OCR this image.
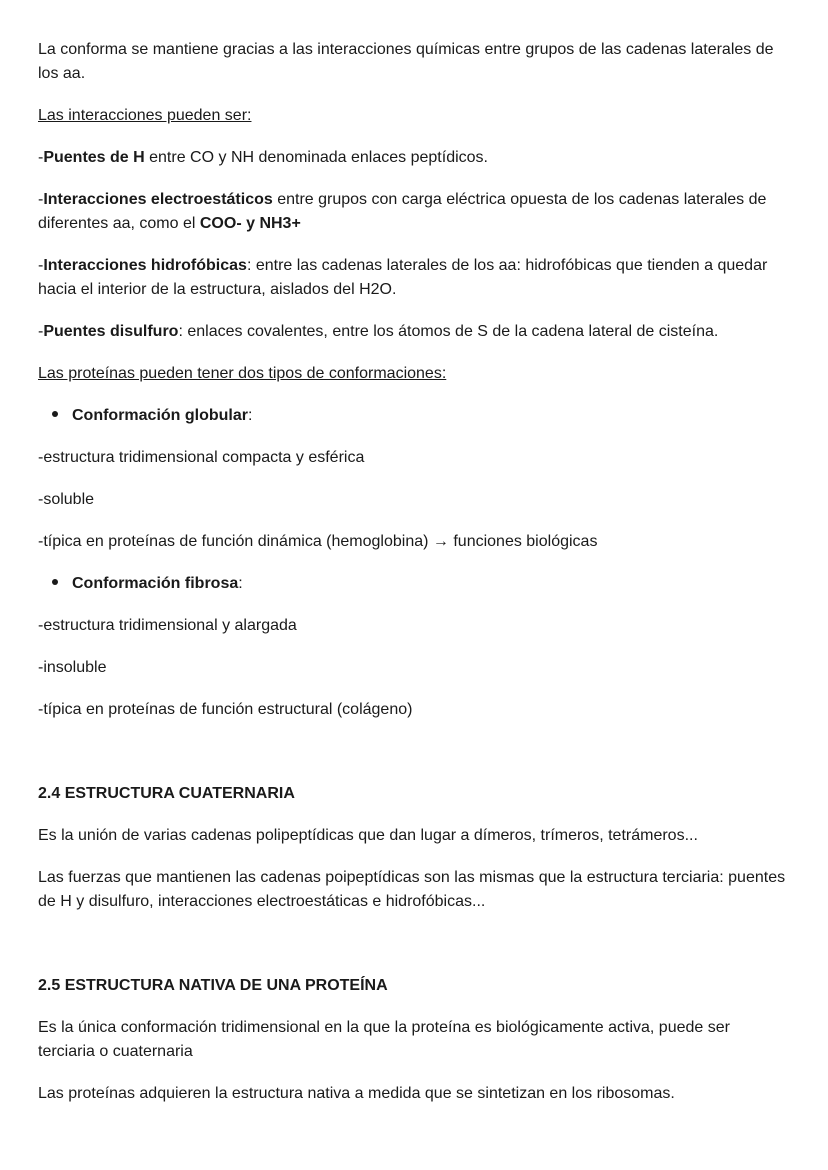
La conforma se mantiene gracias a las interacciones químicas entre grupos de las cadenas laterales de los aa.

Las interacciones pueden ser:

-Puentes de H entre CO y NH denominada enlaces peptídicos.

-Interacciones electroestáticos entre grupos con carga eléctrica opuesta de los cadenas laterales de diferentes aa, como el COO- y NH3+

-Interacciones hidrofóbicas: entre las cadenas laterales de los aa: hidrofóbicas que tienden a quedar hacia el interior de la estructura, aislados del H2O.

-Puentes disulfuro: enlaces covalentes, entre los átomos de S de la cadena lateral de cisteína.

Las proteínas pueden tener dos tipos de conformaciones:

Conformación globular:

-estructura tridimensional compacta y esférica

-soluble

-típica en proteínas de función dinámica (hemoglobina) → funciones biológicas

Conformación fibrosa:

-estructura tridimensional y alargada

-insoluble

-típica en proteínas de función estructural (colágeno)

2.4 ESTRUCTURA CUATERNARIA

Es la unión de varias cadenas polipeptídicas que dan lugar a dímeros, trímeros, tetrámeros...

Las fuerzas que mantienen las cadenas poipeptídicas son las mismas que la estructura terciaria: puentes de H y disulfuro, interacciones electroestáticas e hidrofóbicas...

2.5 ESTRUCTURA NATIVA DE UNA PROTEÍNA

Es la única conformación tridimensional en la que la proteína es biológicamente activa, puede ser terciaria o cuaternaria

Las proteínas adquieren la estructura nativa a medida que se sintetizan en los ribosomas.
